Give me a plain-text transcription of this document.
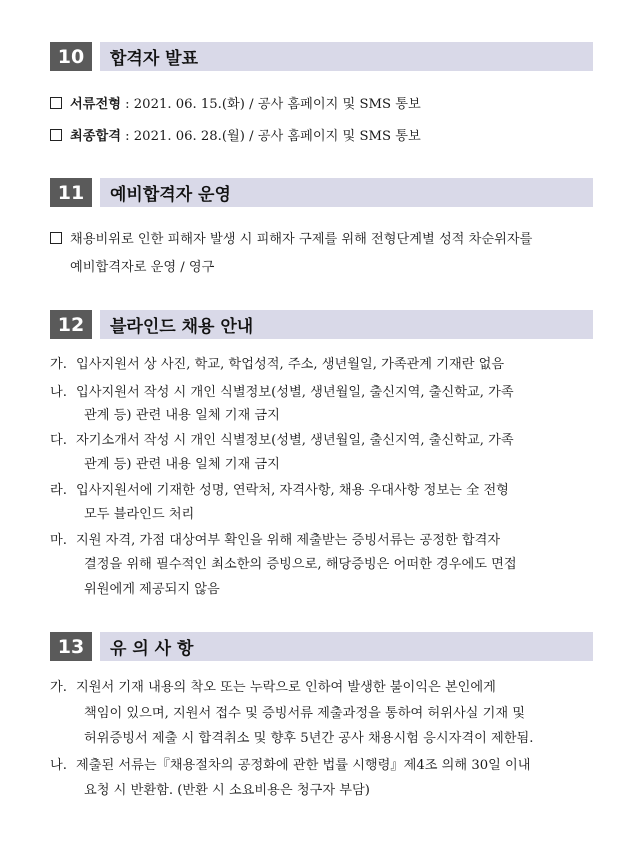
10	합격자 발표
서류전형 : 2021. 06. 15.(화) / 공사 홈페이지 및 SMS 통보
최종합격 : 2021. 06. 28.(월) / 공사 홈페이지 및 SMS 통보
11	예비합격자 운영
채용비위로 인한 피해자 발생 시 피해자 구제를 위해 전형단계별 성적 차순위자를
예비합격자로 운영 / 영구
12	블라인드 채용 안내
가. 입사지원서 상 사진, 학교, 학업성적, 주소, 생년월일, 가족관계 기재란 없음
나. 입사지원서 작성 시 개인 식별정보(성별, 생년월일, 출신지역, 출신학교, 가족
관계 등) 관련 내용 일체 기재 금지
다. 자기소개서 작성 시 개인 식별정보(성별, 생년월일, 출신지역, 출신학교, 가족
관계 등) 관련 내용 일체 기재 금지
라. 입사지원서에 기재한 성명, 연락처, 자격사항, 채용 우대사항 정보는 全 전형
모두 블라인드 처리
마. 지원 자격, 가점 대상여부 확인을 위해 제출받는 증빙서류는 공정한 합격자
결정을 위해 필수적인 최소한의 증빙으로, 해당증빙은 어떠한 경우에도 면접
위원에게 제공되지 않음
13	유 의 사 항
가. 지원서 기재 내용의 착오 또는 누락으로 인하여 발생한 불이익은 본인에게
책임이 있으며, 지원서 접수 및 증빙서류 제출과정을 통하여 허위사실 기재 및
허위증빙서 제출 시 합격취소 및 향후 5년간 공사 채용시험 응시자격이 제한됨.
나. 제출된 서류는『채용절차의 공정화에 관한 법률 시행령』제4조 의해 30일 이내
요청 시 반환함. (반환 시 소요비용은 청구자 부담)
